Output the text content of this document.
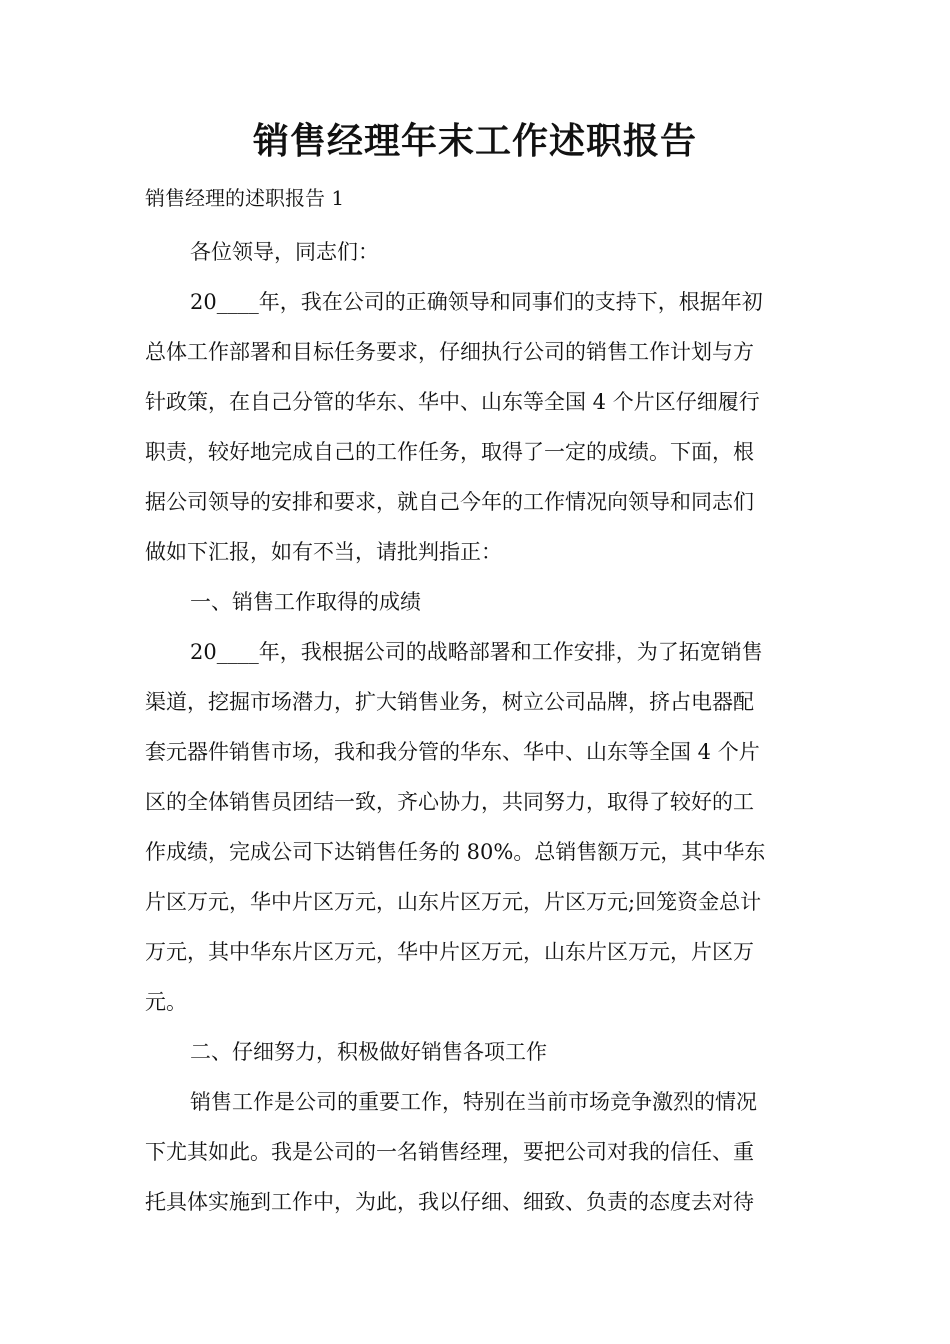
销售经理年末工作述职报告

销售经理的述职报告 1

各位领导，同志们：

20____年，我在公司的正确领导和同事们的支持下，根据年初

总体工作部署和目标任务要求，仔细执行公司的销售工作计划与方

针政策，在自己分管的华东、华中、山东等全国 4 个片区仔细履行

职责，较好地完成自己的工作任务，取得了一定的成绩。下面，根

据公司领导的安排和要求，就自己今年的工作情况向领导和同志们

做如下汇报，如有不当，请批判指正：

一、销售工作取得的成绩

20____年，我根据公司的战略部署和工作安排，为了拓宽销售

渠道，挖掘市场潜力，扩大销售业务，树立公司品牌，挤占电器配

套元器件销售市场，我和我分管的华东、华中、山东等全国 4 个片

区的全体销售员团结一致，齐心协力，共同努力，取得了较好的工

作成绩，完成公司下达销售任务的 80%。总销售额万元，其中华东

片区万元，华中片区万元，山东片区万元，片区万元;回笼资金总计

万元，其中华东片区万元，华中片区万元，山东片区万元，片区万

元。

二、仔细努力，积极做好销售各项工作

销售工作是公司的重要工作，特别在当前市场竞争激烈的情况

下尤其如此。我是公司的一名销售经理，要把公司对我的信任、重

托具体实施到工作中，为此，我以仔细、细致、负责的态度去对待
